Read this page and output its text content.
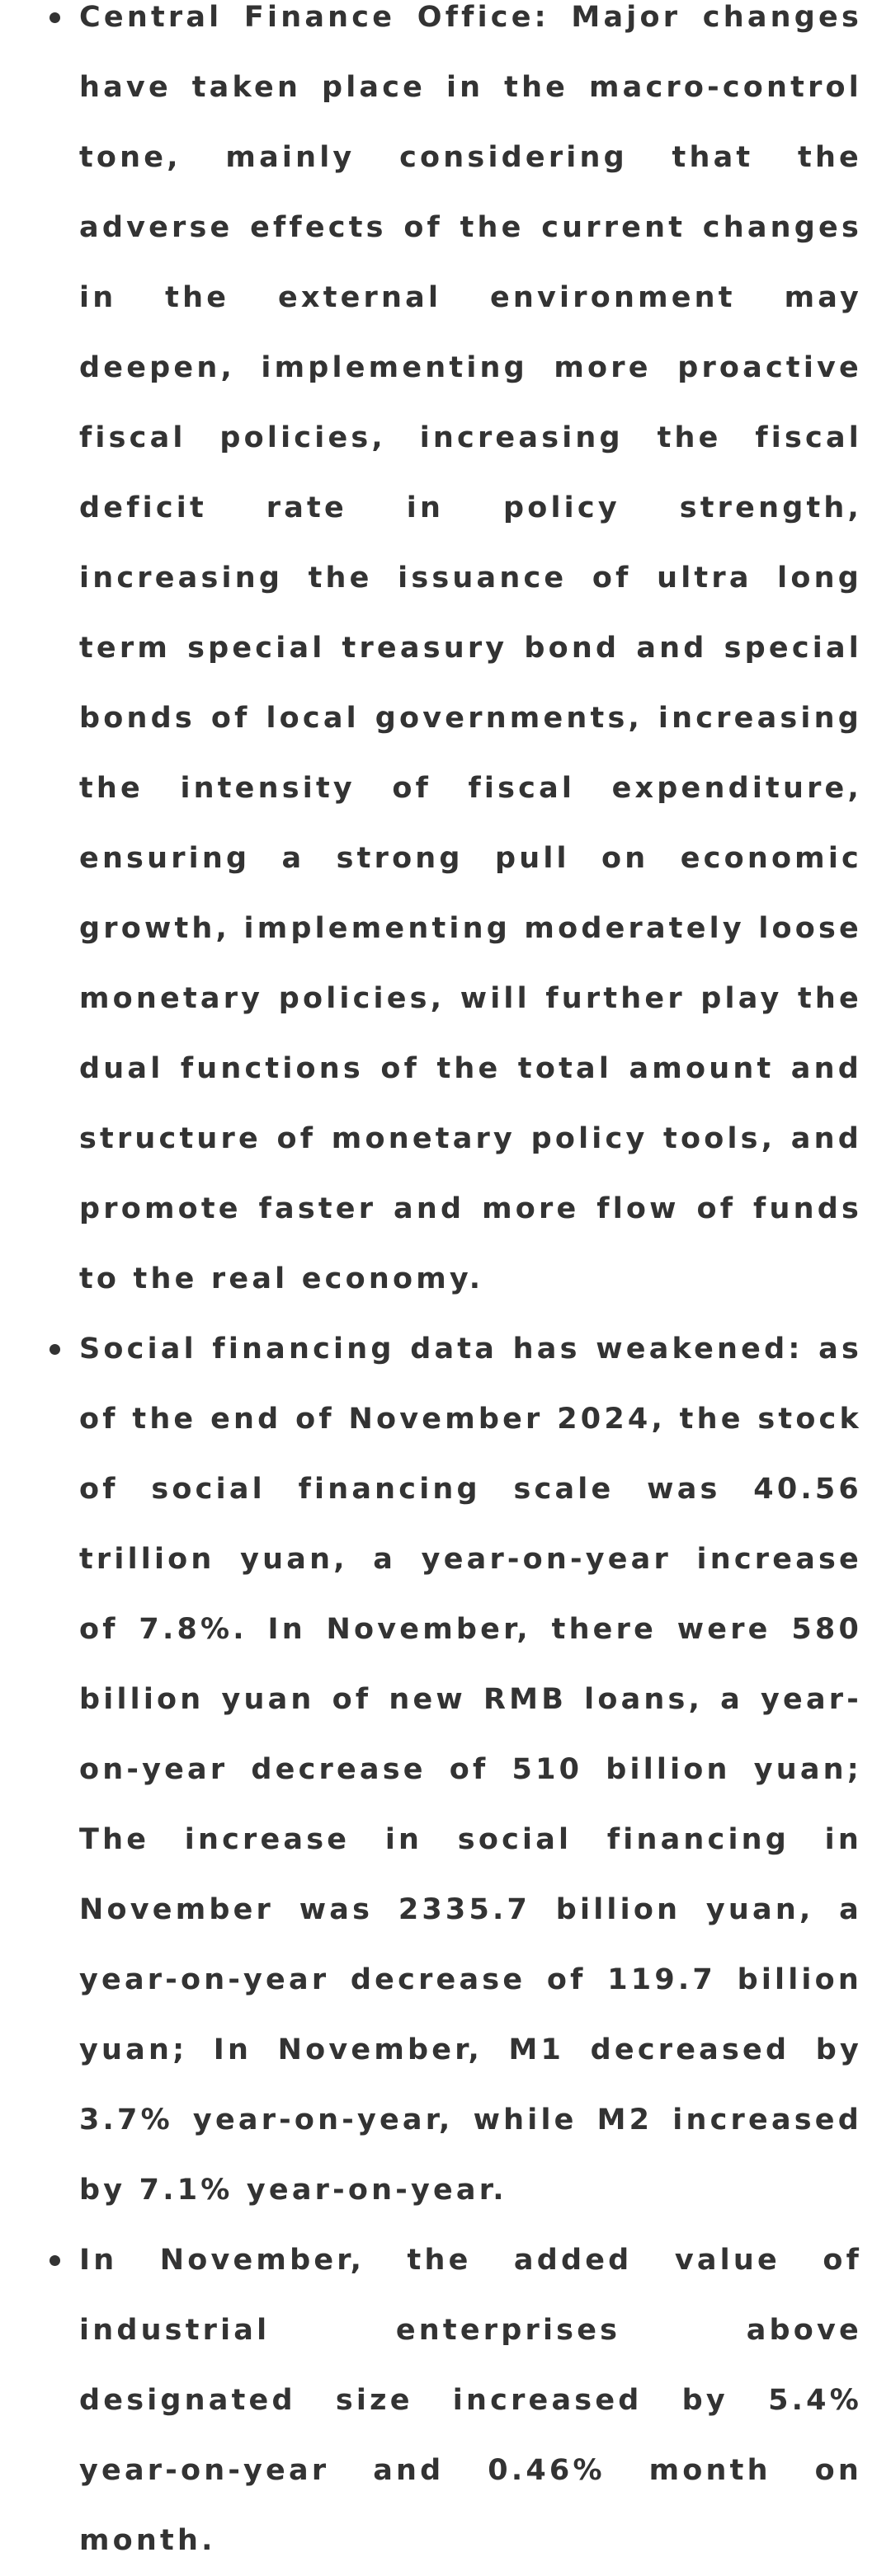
Central Finance Office: Major changes have taken place in the macro-control tone, mainly considering that the adverse effects of the current changes in the external environment may deepen, implementing more proactive fiscal policies, increasing the fiscal deficit rate in policy strength, increasing the issuance of ultra long term special treasury bond and special bonds of local governments, increasing the intensity of fiscal expenditure, ensuring a strong pull on economic growth, implementing moderately loose monetary policies, will further play the dual functions of the total amount and structure of monetary policy tools, and promote faster and more flow of funds to the real economy.
Social financing data has weakened: as of the end of November 2024, the stock of social financing scale was 40.56 trillion yuan, a year-on-year increase of 7.8%. In November, there were 580 billion yuan of new RMB loans, a year-on-year decrease of 510 billion yuan; The increase in social financing in November was 2335.7 billion yuan, a year-on-year decrease of 119.7 billion yuan; In November, M1 decreased by 3.7% year-on-year, while M2 increased by 7.1% year-on-year.
In November, the added value of industrial enterprises above designated size increased by 5.4% year-on-year and 0.46% month on month.
